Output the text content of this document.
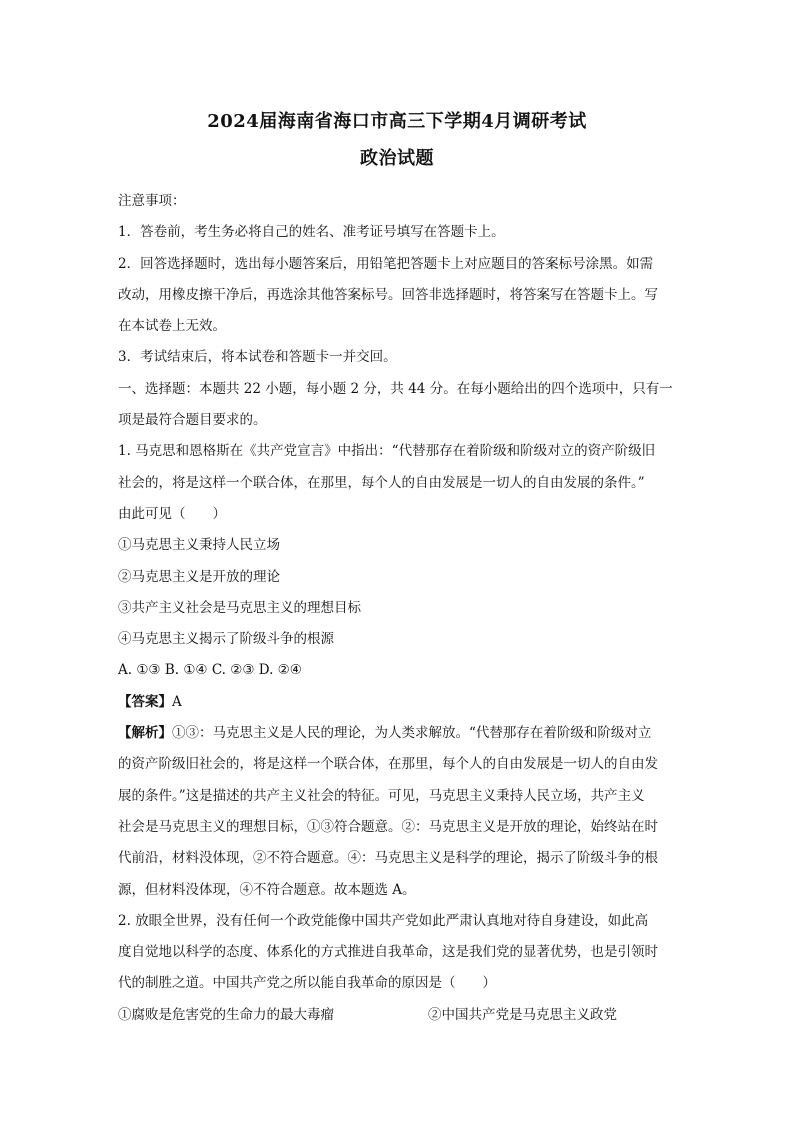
2024届海南省海口市高三下学期4月调研考试
政治试题
注意事项：
1．答卷前，考生务必将自己的姓名、准考证号填写在答题卡上。
2．回答选择题时，选出每小题答案后，用铅笔把答题卡上对应题目的答案标号涂黑。如需
改动，用橡皮擦干净后，再选涂其他答案标号。回答非选择题时，将答案写在答题卡上。写
在本试卷上无效。
3．考试结束后，将本试卷和答题卡一并交回。
一、选择题：本题共 22 小题，每小题 2 分，共 44 分。在每小题给出的四个选项中，只有一
项是最符合题目要求的。
1. 马克思和恩格斯在《共产党宣言》中指出：“代替那存在着阶级和阶级对立的资产阶级旧
社会的，将是这样一个联合体，在那里，每个人的自由发展是一切人的自由发展的条件。”
由此可见（　　）
①马克思主义秉持人民立场
②马克思主义是开放的理论
③共产主义社会是马克思主义的理想目标
④马克思主义揭示了阶级斗争的根源
A. ①③ B. ①④ C. ②③ D. ②④
【答案】A
【解析】①③：马克思主义是人民的理论，为人类求解放。“代替那存在着阶级和阶级对立
的资产阶级旧社会的，将是这样一个联合体，在那里，每个人的自由发展是一切人的自由发
展的条件。”这是描述的共产主义社会的特征。可见，马克思主义秉持人民立场，共产主义
社会是马克思主义的理想目标，①③符合题意。②：马克思主义是开放的理论，始终站在时
代前沿，材料没体现，②不符合题意。④：马克思主义是科学的理论，揭示了阶级斗争的根
源，但材料没体现，④不符合题意。故本题选 A。
2. 放眼全世界，没有任何一个政党能像中国共产党如此严肃认真地对待自身建设，如此高
度自觉地以科学的态度、体系化的方式推进自我革命，这是我们党的显著优势，也是引领时
代的制胜之道。中国共产党之所以能自我革命的原因是（　　）
①腐败是危害党的生命力的最大毒瘤	②中国共产党是马克思主义政党
